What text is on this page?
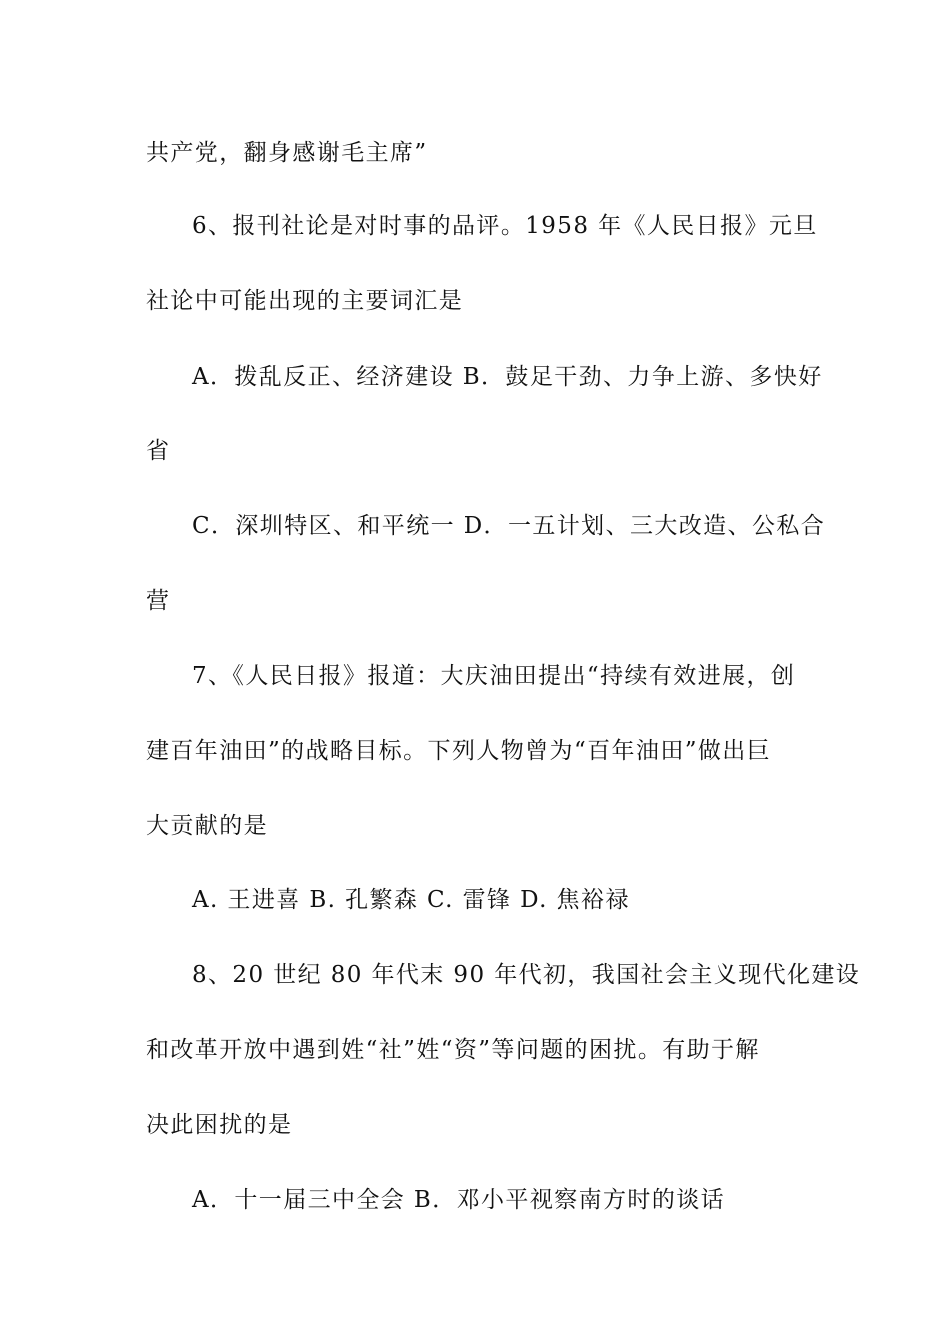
共产党，翻身感谢毛主席”
6、报刊社论是对时事的品评。1958 年《人民日报》元旦
社论中可能出现的主要词汇是
A．拨乱反正、经济建设 B．鼓足干劲、力争上游、多快好
省
C．深圳特区、和平统一 D．一五计划、三大改造、公私合
营
7、《人民日报》报道：大庆油田提出“持续有效进展，创
建百年油田”的战略目标。下列人物曾为“百年油田”做出巨
大贡献的是
A. 王进喜 B. 孔繁森 C. 雷锋 D. 焦裕禄
8、20 世纪 80 年代末 90 年代初，我国社会主义现代化建设
和改革开放中遇到姓“社”姓“资”等问题的困扰。有助于解
决此困扰的是
A．十一届三中全会 B．邓小平视察南方时的谈话
